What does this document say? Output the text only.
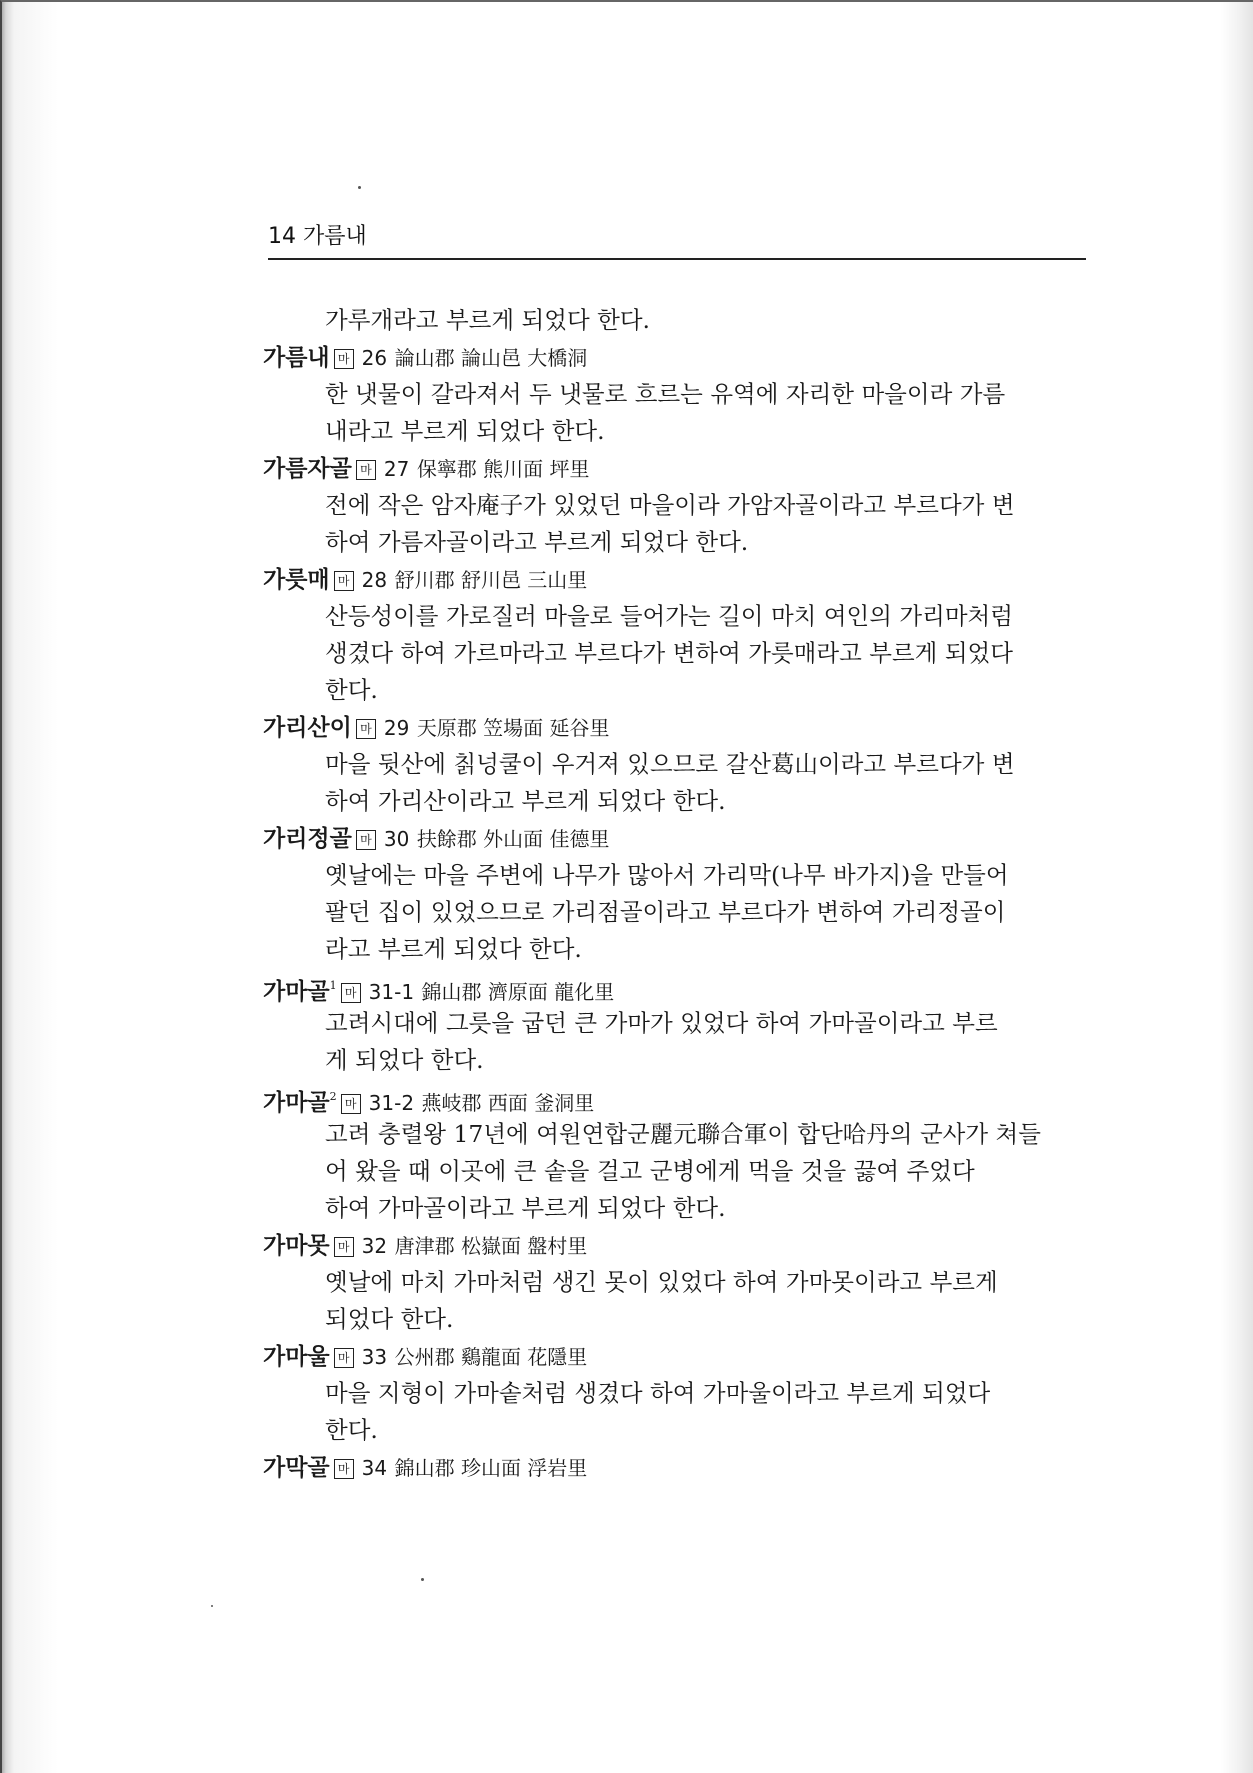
14 가름내
가루개라고 부르게 되었다 한다.
가름내 마 26 論山郡 論山邑 大橋洞
한 냇물이 갈라져서 두 냇물로 흐르는 유역에 자리한 마을이라 가름
내라고 부르게 되었다 한다.
가름자골 마 27 保寧郡 熊川面 坪里
전에 작은 암자庵子가 있었던 마을이라 가암자골이라고 부르다가 변
하여 가름자골이라고 부르게 되었다 한다.
가릇매 마 28 舒川郡 舒川邑 三山里
산등성이를 가로질러 마을로 들어가는 길이 마치 여인의 가리마처럼
생겼다 하여 가르마라고 부르다가 변하여 가릇매라고 부르게 되었다
한다.
가리산이 마 29 天原郡 笠場面 延谷里
마을 뒷산에 칡넝쿨이 우거져 있으므로 갈산葛山이라고 부르다가 변
하여 가리산이라고 부르게 되었다 한다.
가리정골 마 30 扶餘郡 外山面 佳德里
옛날에는 마을 주변에 나무가 많아서 가리막(나무 바가지)을 만들어
팔던 집이 있었으므로 가리점골이라고 부르다가 변하여 가리정골이
라고 부르게 되었다 한다.
가마골$^1$마 31-1 錦山郡 濟原面 龍化里
고려시대에 그릇을 굽던 큰 가마가 있었다 하여 가마골이라고 부르
게 되었다 한다.
가마골$^2$마 31-2 燕岐郡 西面 釜洞里
고려 충렬왕 17년에 여원연합군麗元聯合軍이 합단哈丹의 군사가 쳐들
어 왔을 때 이곳에 큰 솥을 걸고 군병에게 먹을 것을 끓여 주었다
하여 가마골이라고 부르게 되었다 한다.
가마못 마 32 唐津郡 松嶽面 盤村里
옛날에 마치 가마처럼 생긴 못이 있었다 하여 가마못이라고 부르게
되었다 한다.
가마울 마 33 公州郡 鷄龍面 花隱里
마을 지형이 가마솥처럼 생겼다 하여 가마울이라고 부르게 되었다
한다.
가막골 마 34 錦山郡 珍山面 浮岩里
